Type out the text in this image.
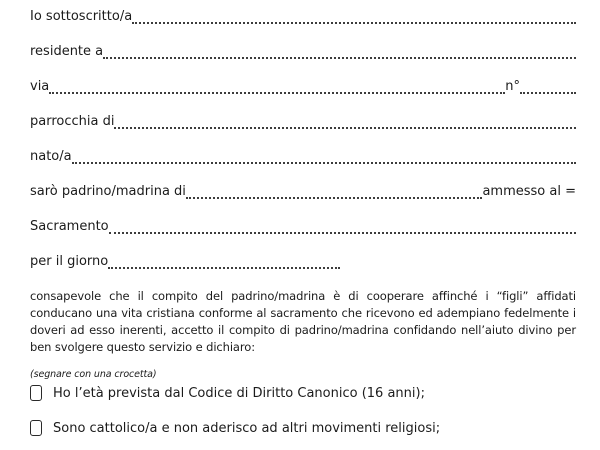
Io sottoscritto/a
residente a
via	n°
parrocchia di
nato/a
sarò padrino/madrina di	ammesso al =
Sacramento
per il giorno

consapevole che il compito del padrino/madrina è di cooperare affinché i “figli” affidati conducano una vita cristiana conforme al sacramento che ricevono ed adempiano fedelmente i doveri ad esso inerenti, accetto il compito di padrino/madrina confidando nell’aiuto divino per ben svolgere questo servizio e dichiaro:

(segnare con una crocetta)
Ho l’età prevista dal Codice di Diritto Canonico (16 anni);
Sono cattolico/a e non aderisco ad altri movimenti religiosi;
